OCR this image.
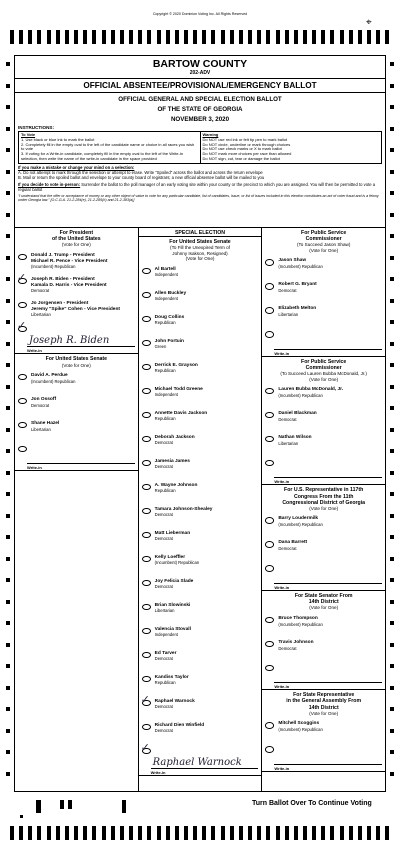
Copyright © 2020 Dominion Voting Inc. All Rights Reserved
⌖
BARTOW COUNTY
202-ADV
OFFICIAL ABSENTEE/PROVISIONAL/EMERGENCY BALLOT
OFFICIAL GENERAL AND SPECIAL ELECTION BALLOT
OF THE STATE OF GEORGIA
NOVEMBER 3, 2020
INSTRUCTIONS:
To Vote
1. Use black or blue ink to mark the ballot
2. Completely fill in the empty oval to the left of the candidate name or choice in all races you wish to vote
3. If voting for a Write-in candidate, completely fill in the empty oval to the left of the Write-In selection, then write the name of the write-in candidate in the space provided
Warning
Do NOT use red ink or felt tip pen to mark ballot
Do NOT circle, underline or mark through choices
Do NOT use check marks or X to mark ballot
Do NOT mark more choices per race than allowed
Do NOT sign, cut, tear or damage the ballot
If you make a mistake or change your mind on a selection:
A. Do not attempt to mark through the selection or attempt to erase. Write "Spoiled" across the ballot and across the return envelope
B. Mail or return the spoiled ballot and envelope to your county board of registrars; a new official absentee ballot will be mailed to you
If you decide to vote in-person: Surrender the ballot to the poll manager of an early voting site within your county or the precinct to which you are assigned. You will then be permitted to vote a regular ballot
"I understand that the offer or acceptance of money or any other object of value to vote for any particular candidate, list of candidates, issue, or list of issues included in this election constitutes an act of voter fraud and is a felony under Georgia law." [O.C.G.A. 21-2-284(e), 21-2-285(h) and 21-2-383(a)]
For President
of the United States
(Vote for One)
Donald J. Trump - President
Michael R. Pence - Vice President
(Incumbent) Republican
✓
Joseph R. Biden - President
Kamala D. Harris - Vice President
Democrat
Jo Jorgensen - President
Jeremy "Spike" Cohen - Vice President
Libertarian
✓
Joseph R. Biden
Write-in
For United States Senate
(Vote for One)
David A. Perdue
(Incumbent) Republican
Jon Ossoff
Democrat
Shane Hazel
Libertarian
Write-in
SPECIAL ELECTION
For United States Senate
(To Fill the Unexpired Term of
Johnny Isakson, Resigned)
(Vote for One)
Al Bartell
Independent
Allen Buckley
Independent
Doug Collins
Republican
John Fortuin
Green
Derrick E. Grayson
Republican
Michael Todd Greene
Independent
Annette Davis Jackson
Republican
Deborah Jackson
Democrat
Jamesia James
Democrat
A. Wayne Johnson
Republican
Tamara Johnson-Shealey
Democrat
Matt Lieberman
Democrat
Kelly Loeffler
(Incumbent) Republican
Joy Felicia Slade
Democrat
Brian Slowinski
Libertarian
Valencia Stovall
Independent
Ed Tarver
Democrat
Kandiss Taylor
Republican
✓
Raphael Warnock
Democrat
Richard Dien Winfield
Democrat
✓
Raphael Warnock
Write-in
For Public Service
Commissioner
(To Succeed Jason Shaw)
(Vote for One)
Jason Shaw
(Incumbent) Republican
Robert G. Bryant
Democrat
Elizabeth Melton
Libertarian
Write-in
For Public Service
Commissioner
(To Succeed Lauren Bubba McDonald, Jr.)
(Vote for One)
Lauren Bubba McDonald, Jr.
(Incumbent) Republican
Daniel Blackman
Democrat
Nathan Wilson
Libertarian
Write-in
For U.S. Representative in 117th
Congress From the 11th
Congressional District of Georgia
(Vote for One)
Barry Loudermilk
(Incumbent) Republican
Dana Barrett
Democrat
Write-in
For State Senator From
14th District
(Vote for One)
Bruce Thompson
(Incumbent) Republican
Travis Johnson
Democrat
Write-in
For State Representative
in the General Assembly From
14th District
(Vote for One)
Mitchell Scoggins
(Incumbent) Republican
Write-in
Turn Ballot Over To Continue Voting
